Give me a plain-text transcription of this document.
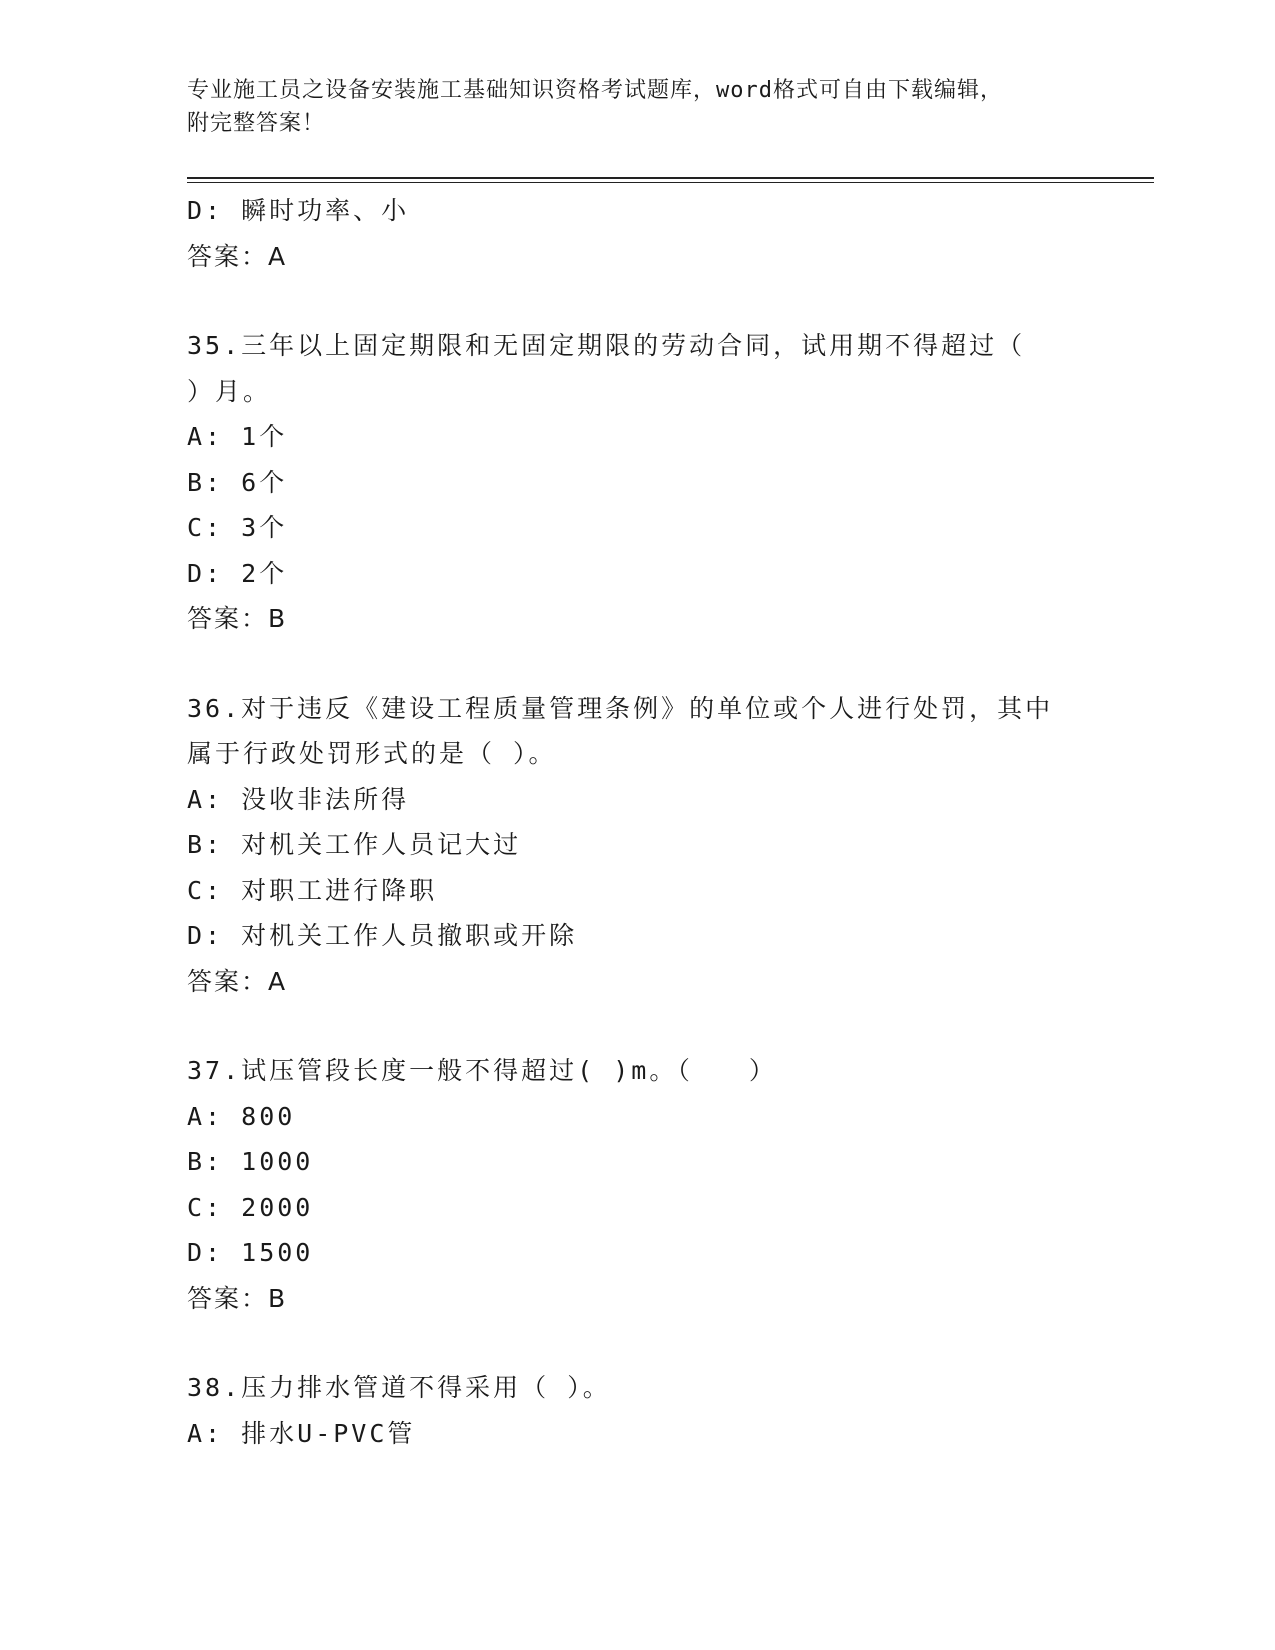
专业施工员之设备安装施工基础知识资格考试题库，word格式可自由下载编辑，
附完整答案！
D: 瞬时功率、小
答案：A
35.三年以上固定期限和无固定期限的劳动合同，试用期不得超过（
）月。
A: 1个
B: 6个
C: 3个
D: 2个
答案：B
36.对于违反《建设工程质量管理条例》的单位或个人进行处罚，其中
属于行政处罚形式的是（ ）。
A: 没收非法所得
B: 对机关工作人员记大过
C: 对职工进行降职
D: 对机关工作人员撤职或开除
答案：A
37.试压管段长度一般不得超过( )m。（　　）
A: 800
B: 1000
C: 2000
D: 1500
答案：B
38.压力排水管道不得采用（ ）。
A: 排水U-PVC管
